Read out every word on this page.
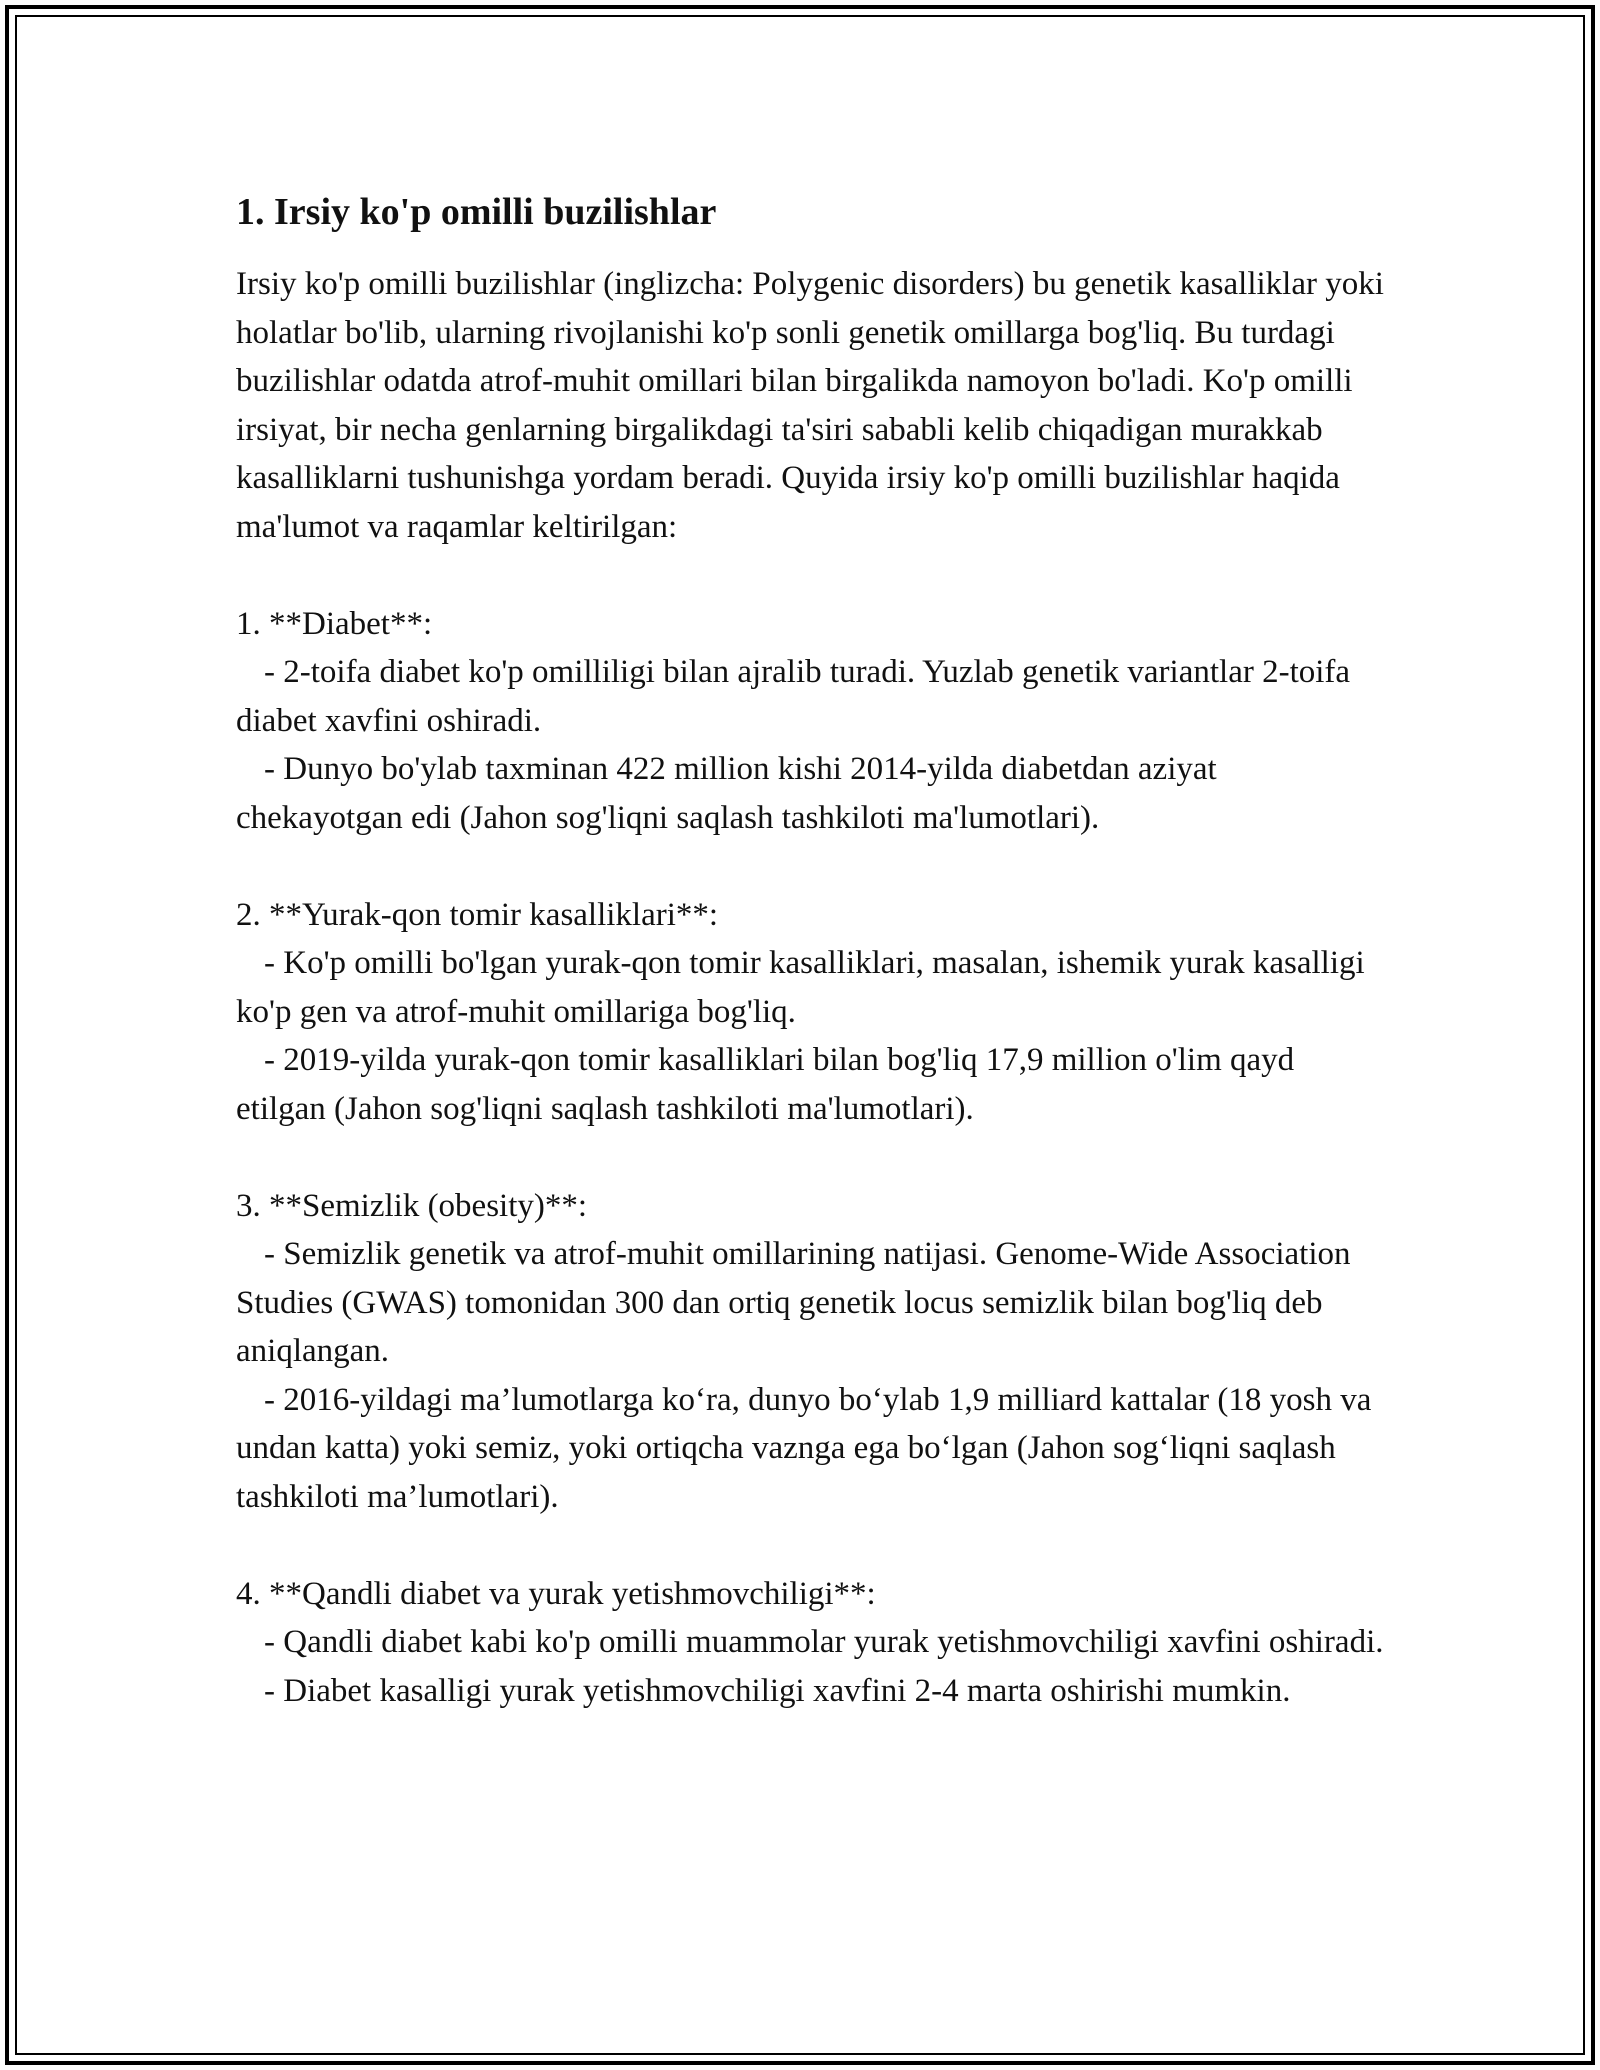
1. Irsiy ko'p omilli buzilishlar

Irsiy ko'p omilli buzilishlar (inglizcha: Polygenic disorders) bu genetik kasalliklar yoki holatlar bo'lib, ularning rivojlanishi ko'p sonli genetik omillarga bog'liq. Bu turdagi buzilishlar odatda atrof-muhit omillari bilan birgalikda namoyon bo'ladi. Ko'p omilli irsiyat, bir necha genlarning birgalikdagi ta'siri sababli kelib chiqadigan murakkab kasalliklarni tushunishga yordam beradi. Quyida irsiy ko'p omilli buzilishlar haqida ma'lumot va raqamlar keltirilgan:

1. **Diabet**:

- 2-toifa diabet ko'p omilliligi bilan ajralib turadi. Yuzlab genetik variantlar 2-toifa diabet xavfini oshiradi.

- Dunyo bo'ylab taxminan 422 million kishi 2014-yilda diabetdan aziyat chekayotgan edi (Jahon sog'liqni saqlash tashkiloti ma'lumotlari).

2. **Yurak-qon tomir kasalliklari**:

- Ko'p omilli bo'lgan yurak-qon tomir kasalliklari, masalan, ishemik yurak kasalligi ko'p gen va atrof-muhit omillariga bog'liq.

- 2019-yilda yurak-qon tomir kasalliklari bilan bog'liq 17,9 million o'lim qayd etilgan (Jahon sog'liqni saqlash tashkiloti ma'lumotlari).

3. **Semizlik (obesity)**:

- Semizlik genetik va atrof-muhit omillarining natijasi. Genome-Wide Association Studies (GWAS) tomonidan 300 dan ortiq genetik locus semizlik bilan bog'liq deb aniqlangan.

- 2016-yildagi ma’lumotlarga ko‘ra, dunyo bo‘ylab 1,9 milliard kattalar (18 yosh va undan katta) yoki semiz, yoki ortiqcha vaznga ega bo‘lgan (Jahon sog‘liqni saqlash tashkiloti ma’lumotlari).

4. **Qandli diabet va yurak yetishmovchiligi**:

- Qandli diabet kabi ko'p omilli muammolar yurak yetishmovchiligi xavfini oshiradi.

- Diabet kasalligi yurak yetishmovchiligi xavfini 2-4 marta oshirishi mumkin.
